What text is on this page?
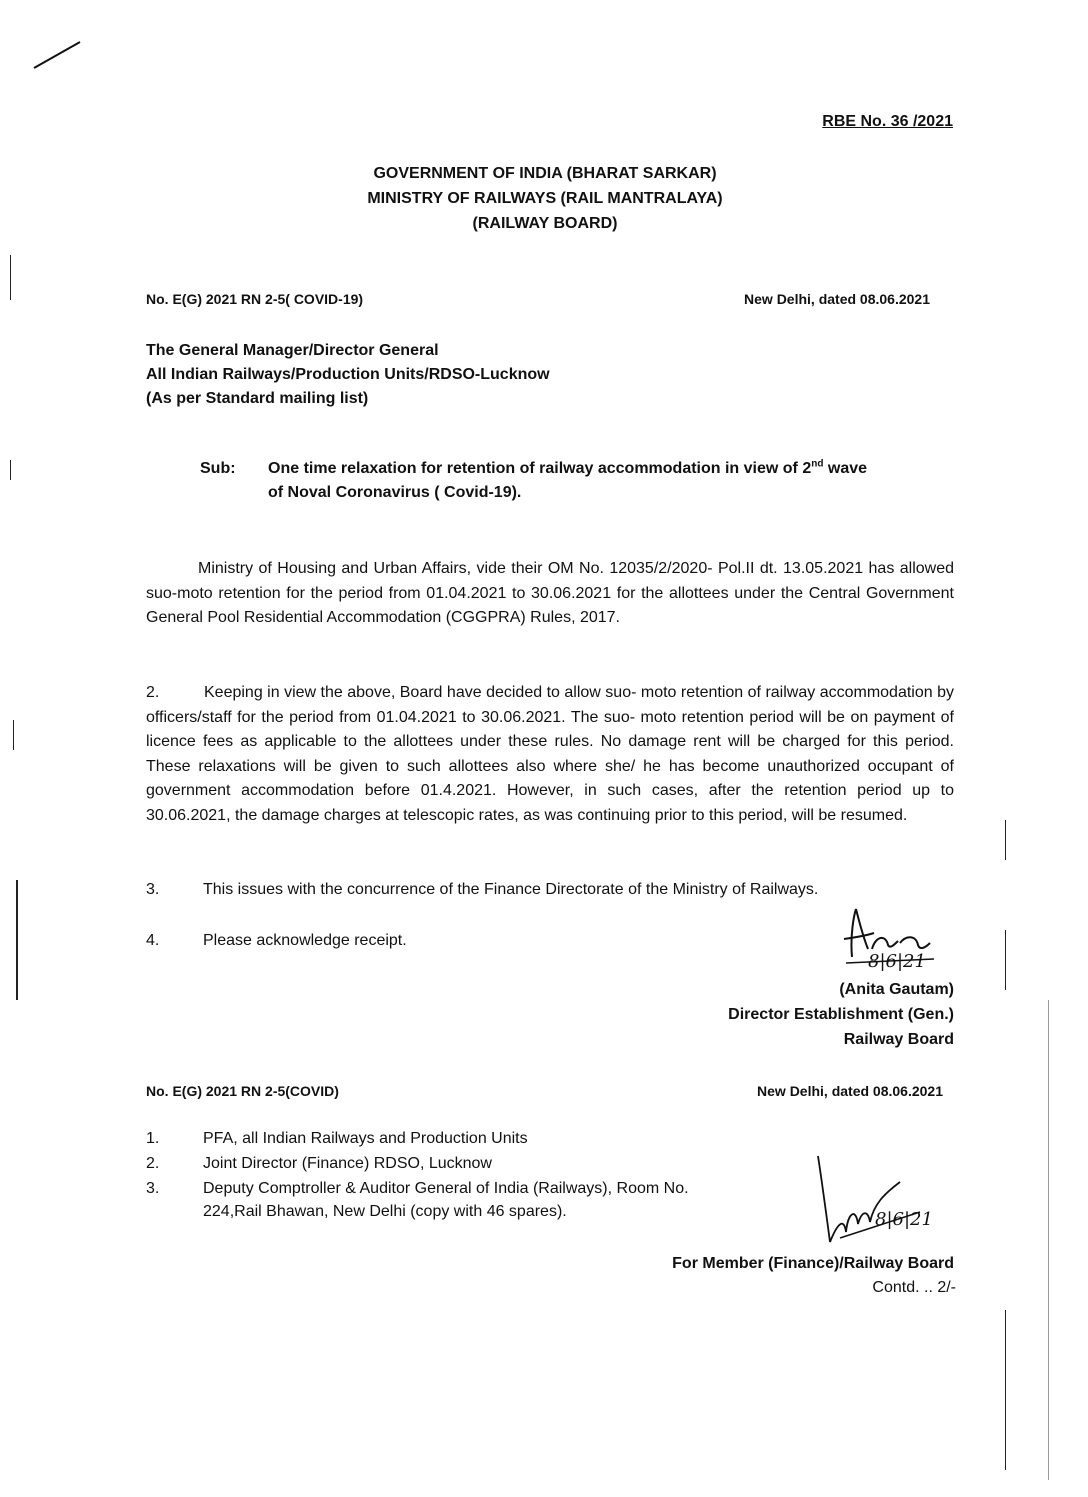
RBE No. 36 /2021
GOVERNMENT OF INDIA (BHARAT SARKAR)
MINISTRY OF RAILWAYS (RAIL MANTRALAYA)
(RAILWAY BOARD)
No. E(G) 2021 RN 2-5( COVID-19)	New Delhi, dated 08.06.2021
The General Manager/Director General
All Indian Railways/Production Units/RDSO-Lucknow
(As per Standard mailing list)
Sub: One time relaxation for retention of railway accommodation in view of 2nd wave
of Noval Coronavirus ( Covid-19).
Ministry of Housing and Urban Affairs, vide their OM No. 12035/2/2020- Pol.II dt. 13.05.2021 has allowed suo-moto retention for the period from 01.04.2021 to 30.06.2021 for the allottees under the Central Government General Pool Residential Accommodation (CGGPRA) Rules, 2017.
2.	Keeping in view the above, Board have decided to allow suo- moto retention of railway accommodation by officers/staff for the period from 01.04.2021 to 30.06.2021. The suo- moto retention period will be on payment of licence fees as applicable to the allottees under these rules. No damage rent will be charged for this period. These relaxations will be given to such allottees also where she/ he has become unauthorized occupant of government accommodation before 01.4.2021. However, in such cases, after the retention period up to 30.06.2021, the damage charges at telescopic rates, as was continuing prior to this period, will be resumed.
3.	This issues with the concurrence of the Finance Directorate of the Ministry of Railways.
4.	Please acknowledge receipt.
8|6|21
(Anita Gautam)
Director Establishment (Gen.)
Railway Board
No. E(G) 2021 RN 2-5(COVID)	New Delhi, dated 08.06.2021
1.	PFA, all Indian Railways and Production Units
2.	Joint Director (Finance) RDSO, Lucknow
3.	Deputy Comptroller & Auditor General of India (Railways), Room No.
224,Rail Bhawan, New Delhi (copy with 46 spares).	8|6|21
For Member (Finance)/Railway Board
Contd. .. 2/-
